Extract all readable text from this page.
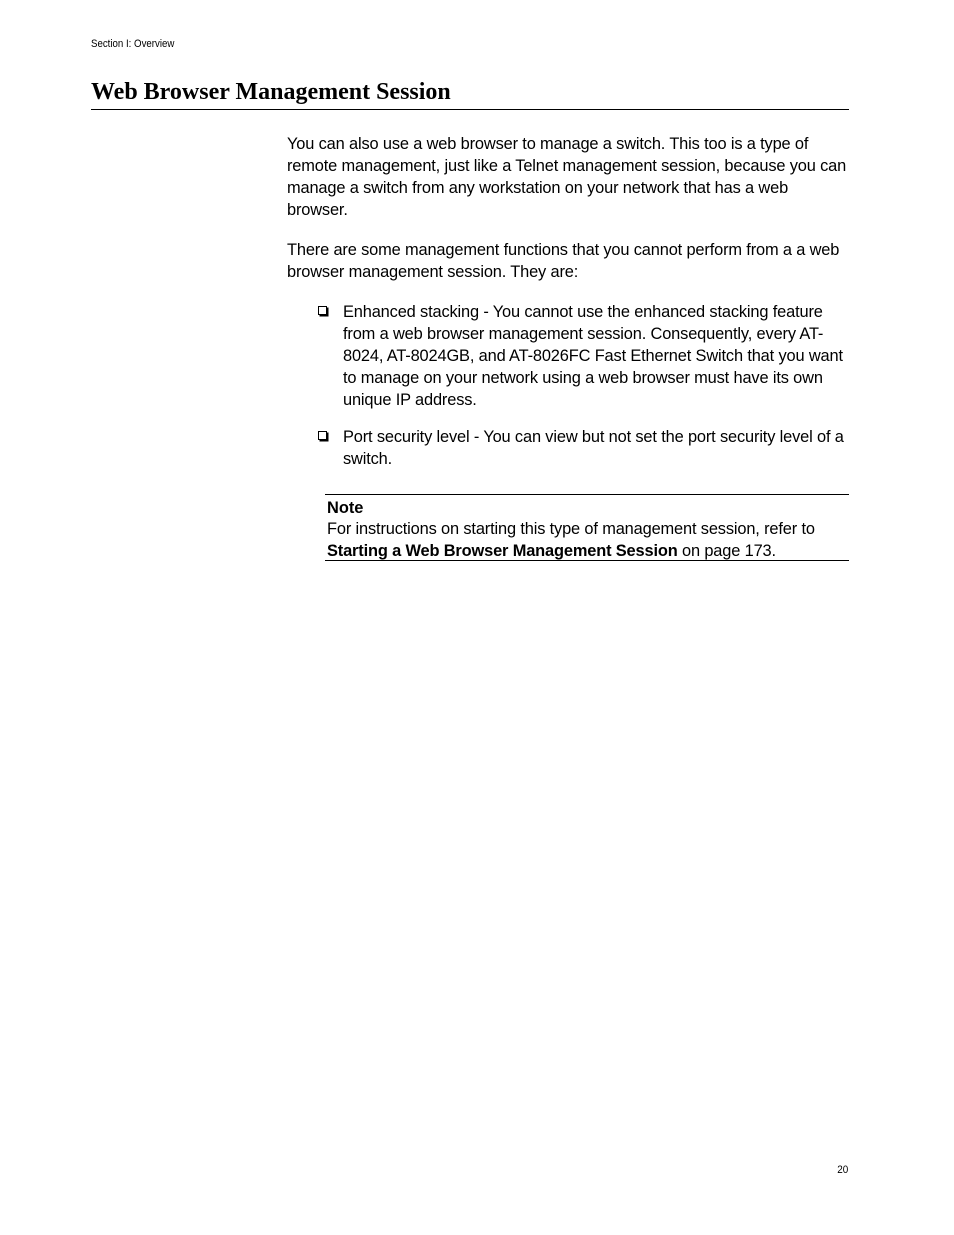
Section I: Overview
Web Browser Management Session

You can also use a web browser to manage a switch. This too is a type of remote management, just like a Telnet management session, because you can manage a switch from any workstation on your network that has a web browser.

There are some management functions that you cannot perform from a a web browser management session. They are:

Enhanced stacking - You cannot use the enhanced stacking feature from a web browser management session. Consequently, every AT-8024, AT-8024GB, and AT-8026FC Fast Ethernet Switch that you want to manage on your network using a web browser must have its own unique IP address.
Port security level - You can view but not set the port security level of a switch.
Note
For instructions on starting this type of management session, refer to Starting a Web Browser Management Session on page 173.
20
